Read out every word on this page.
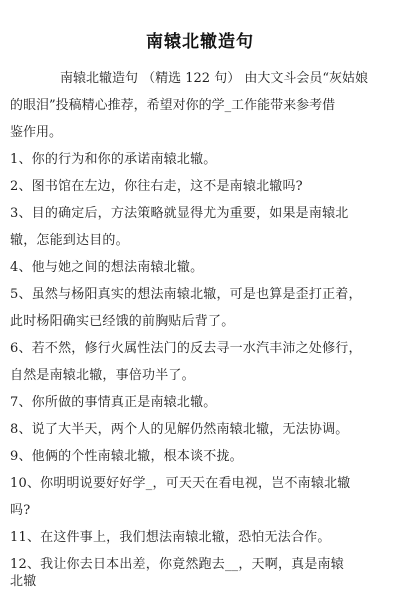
南辕北辙造句
南辕北辙造句 （精选 122 句） 由大文斗会员“灰姑娘
的眼泪”投稿精心推荐，希望对你的学_工作能带来参考借
鉴作用。
1、你的行为和你的承诺南辕北辙。
2、图书馆在左边，你往右走，这不是南辕北辙吗?
3、目的确定后，方法策略就显得尤为重要，如果是南辕北
辙，怎能到达目的。
4、他与她之间的想法南辕北辙。
5、虽然与杨阳真实的想法南辕北辙，可是也算是歪打正着，
此时杨阳确实已经饿的前胸贴后背了。
6、若不然，修行火属性法门的反去寻一水汽丰沛之处修行，
自然是南辕北辙，事倍功半了。
7、你所做的事情真正是南辕北辙。
8、说了大半天，两个人的见解仍然南辕北辙，无法协调。
9、他俩的个性南辕北辙，根本谈不拢。
10、你明明说要好好学_，可天天在看电视，岂不南辕北辙
吗?
11、在这件事上，我们想法南辕北辙，恐怕无法合作。
12、我让你去日本出差，你竟然跑去__，天啊，真是南辕
北辙
